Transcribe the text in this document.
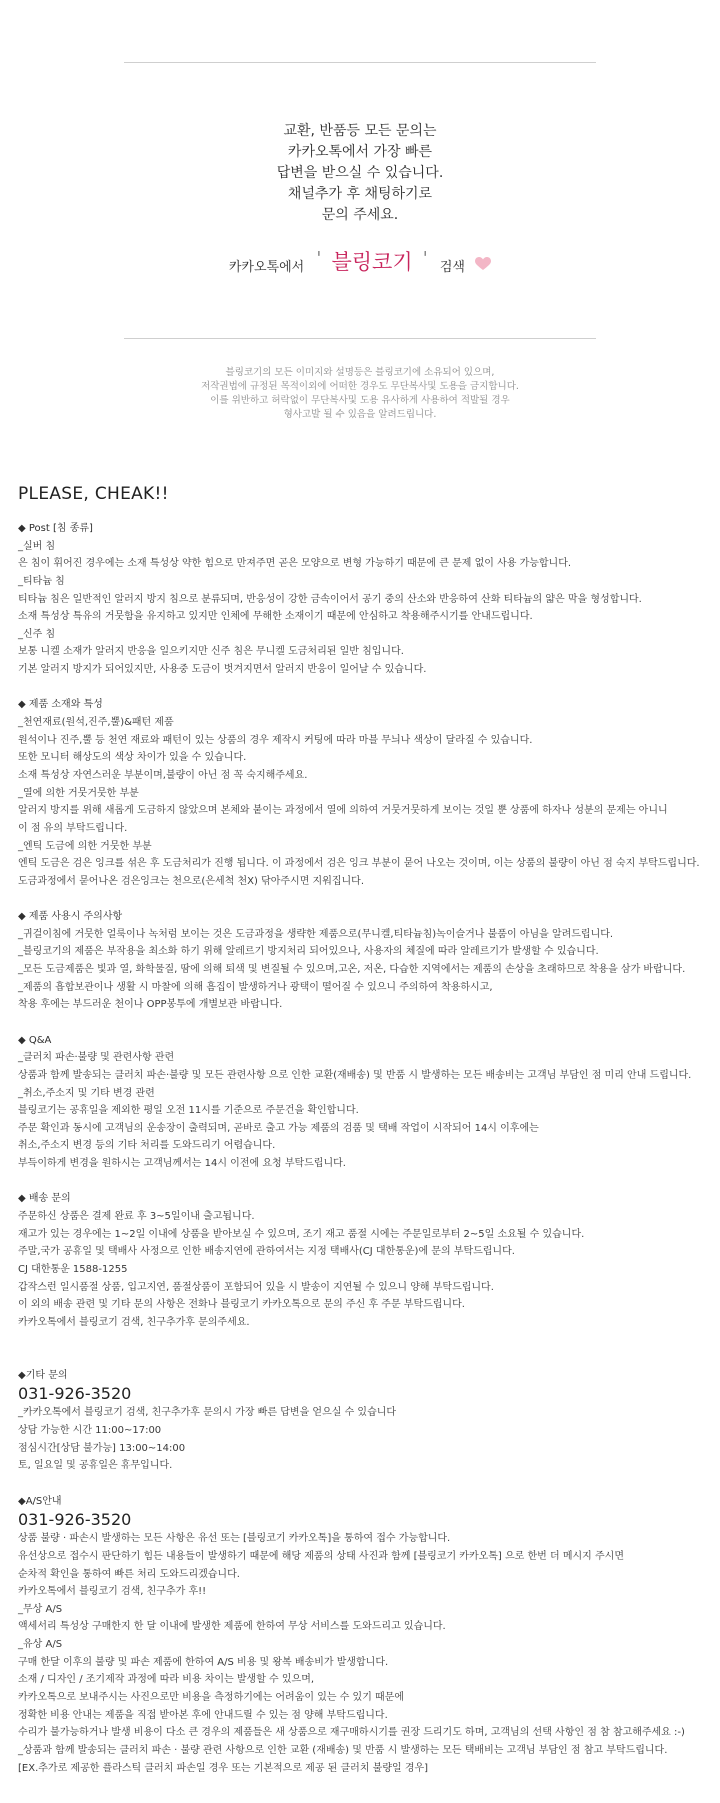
교환, 반품등 모든 문의는
카카오톡에서 가장 빠른
답변을 받으실 수 있습니다.
채널추가 후 채팅하기로
문의 주세요.
카카오톡에서 ' 블링코기 ' 검색
블링코기의 모든 이미지와 설명등은 블링코기에 소유되어 있으며,
저작권법에 규정된 목적이외에 어떠한 경우도 무단복사및 도용을 금지합니다.
이를 위반하고 허락없이 무단복사및 도용 유사하게 사용하여 적발될 경우
형사고발 될 수 있음을 알려드립니다.
PLEASE, CHEAK!!
◆ Post [침 종류]
_실버 침
은 침이 휘어진 경우에는 소재 특성상 약한 힘으로 만져주면 곧은 모양으로 변형 가능하기 때문에 큰 문제 없이 사용 가능합니다.
_티타늄 침
티타늄 침은 일반적인 알러지 방지 침으로 분류되며, 반응성이 강한 금속이어서 공기 중의 산소와 반응하여 산화 티타늄의 얇은 막을 형성합니다.
소재 특성상 특유의 거뭇함을 유지하고 있지만 인체에 무해한 소재이기 때문에 안심하고 착용해주시기를 안내드립니다.
_신주 침
보통 니켈 소재가 알러지 반응을 일으키지만 신주 침은 무니켈 도금처리된 일반 침입니다.
기본 알러지 방지가 되어있지만, 사용중 도금이 벗겨지면서 알러지 반응이 일어날 수 있습니다.
◆ 제품 소재와 특성
_천연재료(원석,진주,뿔)&패턴 제품
원석이나 진주,뿔 등 천연 재료와 패턴이 있는 상품의 경우 제작시 커팅에 따라 마블 무늬나 색상이 달라질 수 있습니다.
또한 모니터 해상도의 색상 차이가 있을 수 있습니다.
소재 특성상 자연스러운 부분이며,불량이 아닌 점 꼭 숙지해주세요.
_열에 의한 거뭇거뭇한 부분
알러지 방지를 위해 새롭게 도금하지 않았으며 본체와 붙이는 과정에서 열에 의하여 거뭇거뭇하게 보이는 것일 뿐 상품에 하자나 성분의 문제는 아니니
이 점 유의 부탁드립니다.
_엔틱 도금에 의한 거뭇한 부분
엔틱 도금은 검은 잉크를 섞은 후 도금처리가 진행 됩니다. 이 과정에서 검은 잉크 부분이 묻어 나오는 것이며, 이는 상품의 불량이 아닌 점 숙지 부탁드립니다.
도금과정에서 묻어나온 검은잉크는 천으로(은세척 천X) 닦아주시면 지워집니다.
◆ 제품 사용시 주의사항
_귀걸이침에 거뭇한 얼룩이나 녹처럼 보이는 것은 도금과정을 생략한 제품으로(무니켈,티타늄침)녹이슬거나 불품이 아님을 알려드립니다.
_블링코기의 제품은 부작용을 최소화 하기 위해 알레르기 방지처리 되어있으나, 사용자의 체질에 따라 알레르기가 발생할 수 있습니다.
_모든 도금제품은 빛과 열, 화학물질, 땀에 의해 퇴색 및 변질될 수 있으며,고온, 저온, 다습한 지역에서는 제품의 손상을 초래하므로 착용을 삼가 바랍니다.
_제품의 흡합보관이나 생활 시 마찰에 의해 흠집이 발생하거나 광택이 떨어질 수 있으니 주의하여 착용하시고,
착용 후에는 부드러운 천이나 OPP봉투에 개별보관 바랍니다.
◆ Q&A
_클러치 파손·불량 및 관련사항 관련
상품과 함께 발송되는 클러치 파손·불량 및 모든 관련사항 으로 인한 교환(재배송) 및 반품 시 발생하는 모든 배송비는 고객님 부담인 점 미리 안내 드립니다.
_취소,주소지 및 기타 변경 관련
블링코기는 공휴일을 제외한 평일 오전 11시를 기준으로 주문건을 확인합니다.
주문 확인과 동시에 고객님의 운송장이 출력되며, 곧바로 출고 가능 제품의 검품 및 택배 작업이 시작되어 14시 이후에는
취소,주소지 변경 등의 기타 처리를 도와드리기 어렵습니다.
부득이하게 변경을 원하시는 고객님께서는 14시 이전에 요청 부탁드립니다.
◆ 배송 문의
주문하신 상품은 결제 완료 후 3~5일이내 출고됩니다.
재고가 있는 경우에는 1~2일 이내에 상품을 받아보실 수 있으며, 조기 재고 품절 시에는 주문일로부터 2~5일 소요될 수 있습니다.
주말,국가 공휴일 및 택배사 사정으로 인한 배송지연에 관하여서는 지정 택배사(CJ 대한통운)에 문의 부탁드립니다.
CJ 대한통운 1588-1255
갑작스런 일시품절 상품, 입고지연, 품절상품이 포함되어 있을 시 발송이 지연될 수 있으니 양해 부탁드립니다.
이 외의 배송 관련 및 기타 문의 사항은 전화나 블링코기 카카오톡으로 문의 주신 후 주문 부탁드립니다.
카카오톡에서 블링코기 검색, 친구추가후 문의주세요.
◆기타 문의
031-926-3520
_카카오톡에서 블링코기 검색, 친구추가후 문의시 가장 빠른 답변을 얻으실 수 있습니다
상담 가능한 시간 11:00~17:00
점심시간[상담 불가능] 13:00~14:00
토, 일요일 및 공휴일은 휴무입니다.
◆A/S안내
031-926-3520
상품 불량 · 파손시 발생하는 모든 사항은 유선 또는 [블링코기 카카오톡]을 통하여 접수 가능합니다.
유선상으로 접수시 판단하기 힘든 내용들이 발생하기 때문에 해당 제품의 상태 사진과 함께 [블링코기 카카오톡] 으로 한번 더 메시지 주시면
순차적 확인을 통하여 빠른 처리 도와드리겠습니다.
카카오톡에서 블링코기 검색, 친구추가 후!!
_무상 A/S
액세서리 특성상 구매한지 한 달 이내에 발생한 제품에 한하여 무상 서비스를 도와드리고 있습니다.
_유상 A/S
구매 한달 이후의 불량 및 파손 제품에 한하여 A/S 비용 및 왕복 배송비가 발생합니다.
소재 / 디자인 / 조기제작 과정에 따라 비용 차이는 발생할 수 있으며,
카카오톡으로 보내주시는 사진으로만 비용을 측정하기에는 어려움이 있는 수 있기 때문에
정확한 비용 안내는 제품을 직접 받아본 후에 안내드릴 수 있는 점 양해 부탁드립니다.
수리가 불가능하거나 발생 비용이 다소 큰 경우의 제품들은 새 상품으로 재구매하시기를 권장 드리기도 하며, 고객님의 선택 사항인 점 참 참고해주세요 :-)
_상품과 함께 발송되는 클러치 파손 · 불량 관련 사항으로 인한 교환 (재배송) 및 반품 시 발생하는 모든 택배비는 고객님 부담인 점 참고 부탁드립니다.
[EX.추가로 제공한 플라스틱 클러치 파손일 경우 또는 기본적으로 제공 된 클러치 불량일 경우]
